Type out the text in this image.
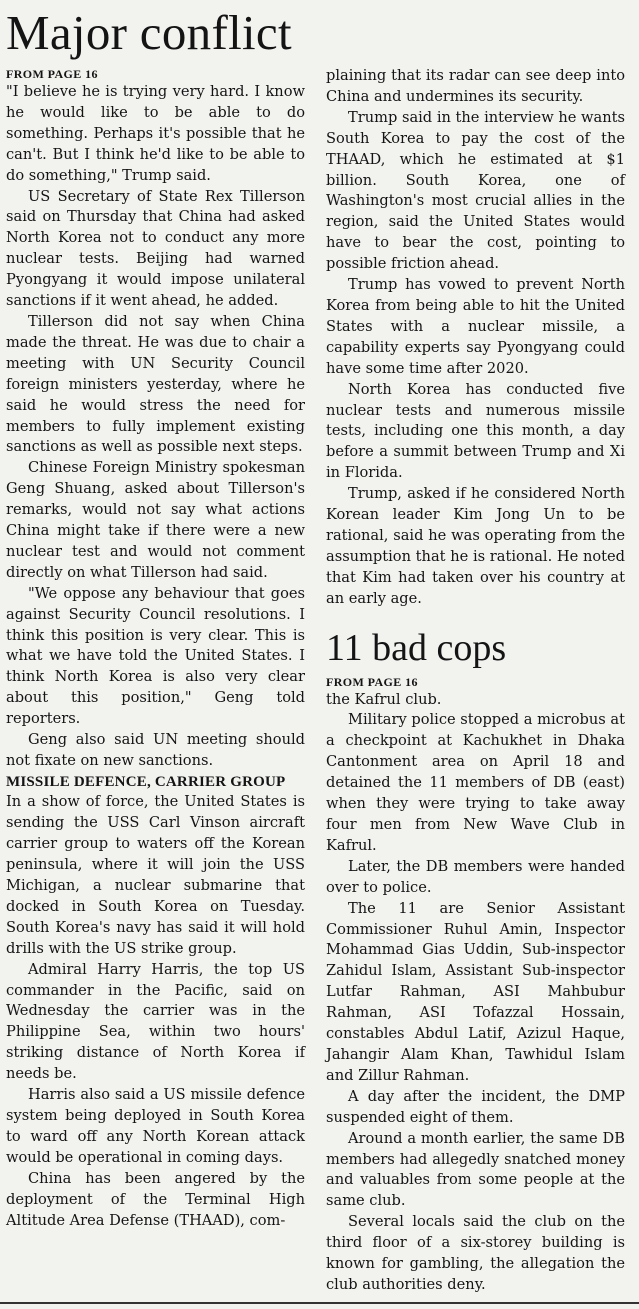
Major conflict
FROM PAGE 16

"I believe he is trying very hard. I know he would like to be able to do something. Perhaps it's possible that he can't. But I think he'd like to be able to do something," Trump said.

US Secretary of State Rex Tillerson said on Thursday that China had asked North Korea not to conduct any more nuclear tests. Beijing had warned Pyongyang it would impose unilateral sanctions if it went ahead, he added.

Tillerson did not say when China made the threat. He was due to chair a meeting with UN Security Council foreign ministers yesterday, where he said he would stress the need for members to fully implement existing sanctions as well as possible next steps.

Chinese Foreign Ministry spokesman Geng Shuang, asked about Tillerson's remarks, would not say what actions China might take if there were a new nuclear test and would not comment directly on what Tillerson had said.

"We oppose any behaviour that goes against Security Council resolutions. I think this position is very clear. This is what we have told the United States. I think North Korea is also very clear about this position," Geng told reporters.

Geng also said UN meeting should not fixate on new sanctions.

MISSILE DEFENCE, CARRIER GROUP

In a show of force, the United States is sending the USS Carl Vinson aircraft carrier group to waters off the Korean peninsula, where it will join the USS Michigan, a nuclear submarine that docked in South Korea on Tuesday. South Korea's navy has said it will hold drills with the US strike group.

Admiral Harry Harris, the top US commander in the Pacific, said on Wednesday the carrier was in the Philippine Sea, within two hours' striking distance of North Korea if needs be.

Harris also said a US missile defence system being deployed in South Korea to ward off any North Korean attack would be operational in coming days.

China has been angered by the deployment of the Terminal High Altitude Area Defense (THAAD), com-

plaining that its radar can see deep into China and undermines its security.

Trump said in the interview he wants South Korea to pay the cost of the THAAD, which he estimated at $1 billion. South Korea, one of Washington's most crucial allies in the region, said the United States would have to bear the cost, pointing to possible friction ahead.

Trump has vowed to prevent North Korea from being able to hit the United States with a nuclear missile, a capability experts say Pyongyang could have some time after 2020.

North Korea has conducted five nuclear tests and numerous missile tests, including one this month, a day before a summit between Trump and Xi in Florida.

Trump, asked if he considered North Korean leader Kim Jong Un to be rational, said he was operating from the assumption that he is rational. He noted that Kim had taken over his country at an early age.

11 bad cops
FROM PAGE 16

the Kafrul club.

Military police stopped a microbus at a checkpoint at Kachukhet in Dhaka Cantonment area on April 18 and detained the 11 members of DB (east) when they were trying to take away four men from New Wave Club in Kafrul.

Later, the DB members were handed over to police.

The 11 are Senior Assistant Commissioner Ruhul Amin, Inspector Mohammad Gias Uddin, Sub-inspector Zahidul Islam, Assistant Sub-inspector Lutfar Rahman, ASI Mahbubur Rahman, ASI Tofazzal Hossain, constables Abdul Latif, Azizul Haque, Jahangir Alam Khan, Tawhidul Islam and Zillur Rahman.

A day after the incident, the DMP suspended eight of them.

Around a month earlier, the same DB members had allegedly snatched money and valuables from some people at the same club.

Several locals said the club on the third floor of a six-storey building is known for gambling, the allegation the club authorities deny.
